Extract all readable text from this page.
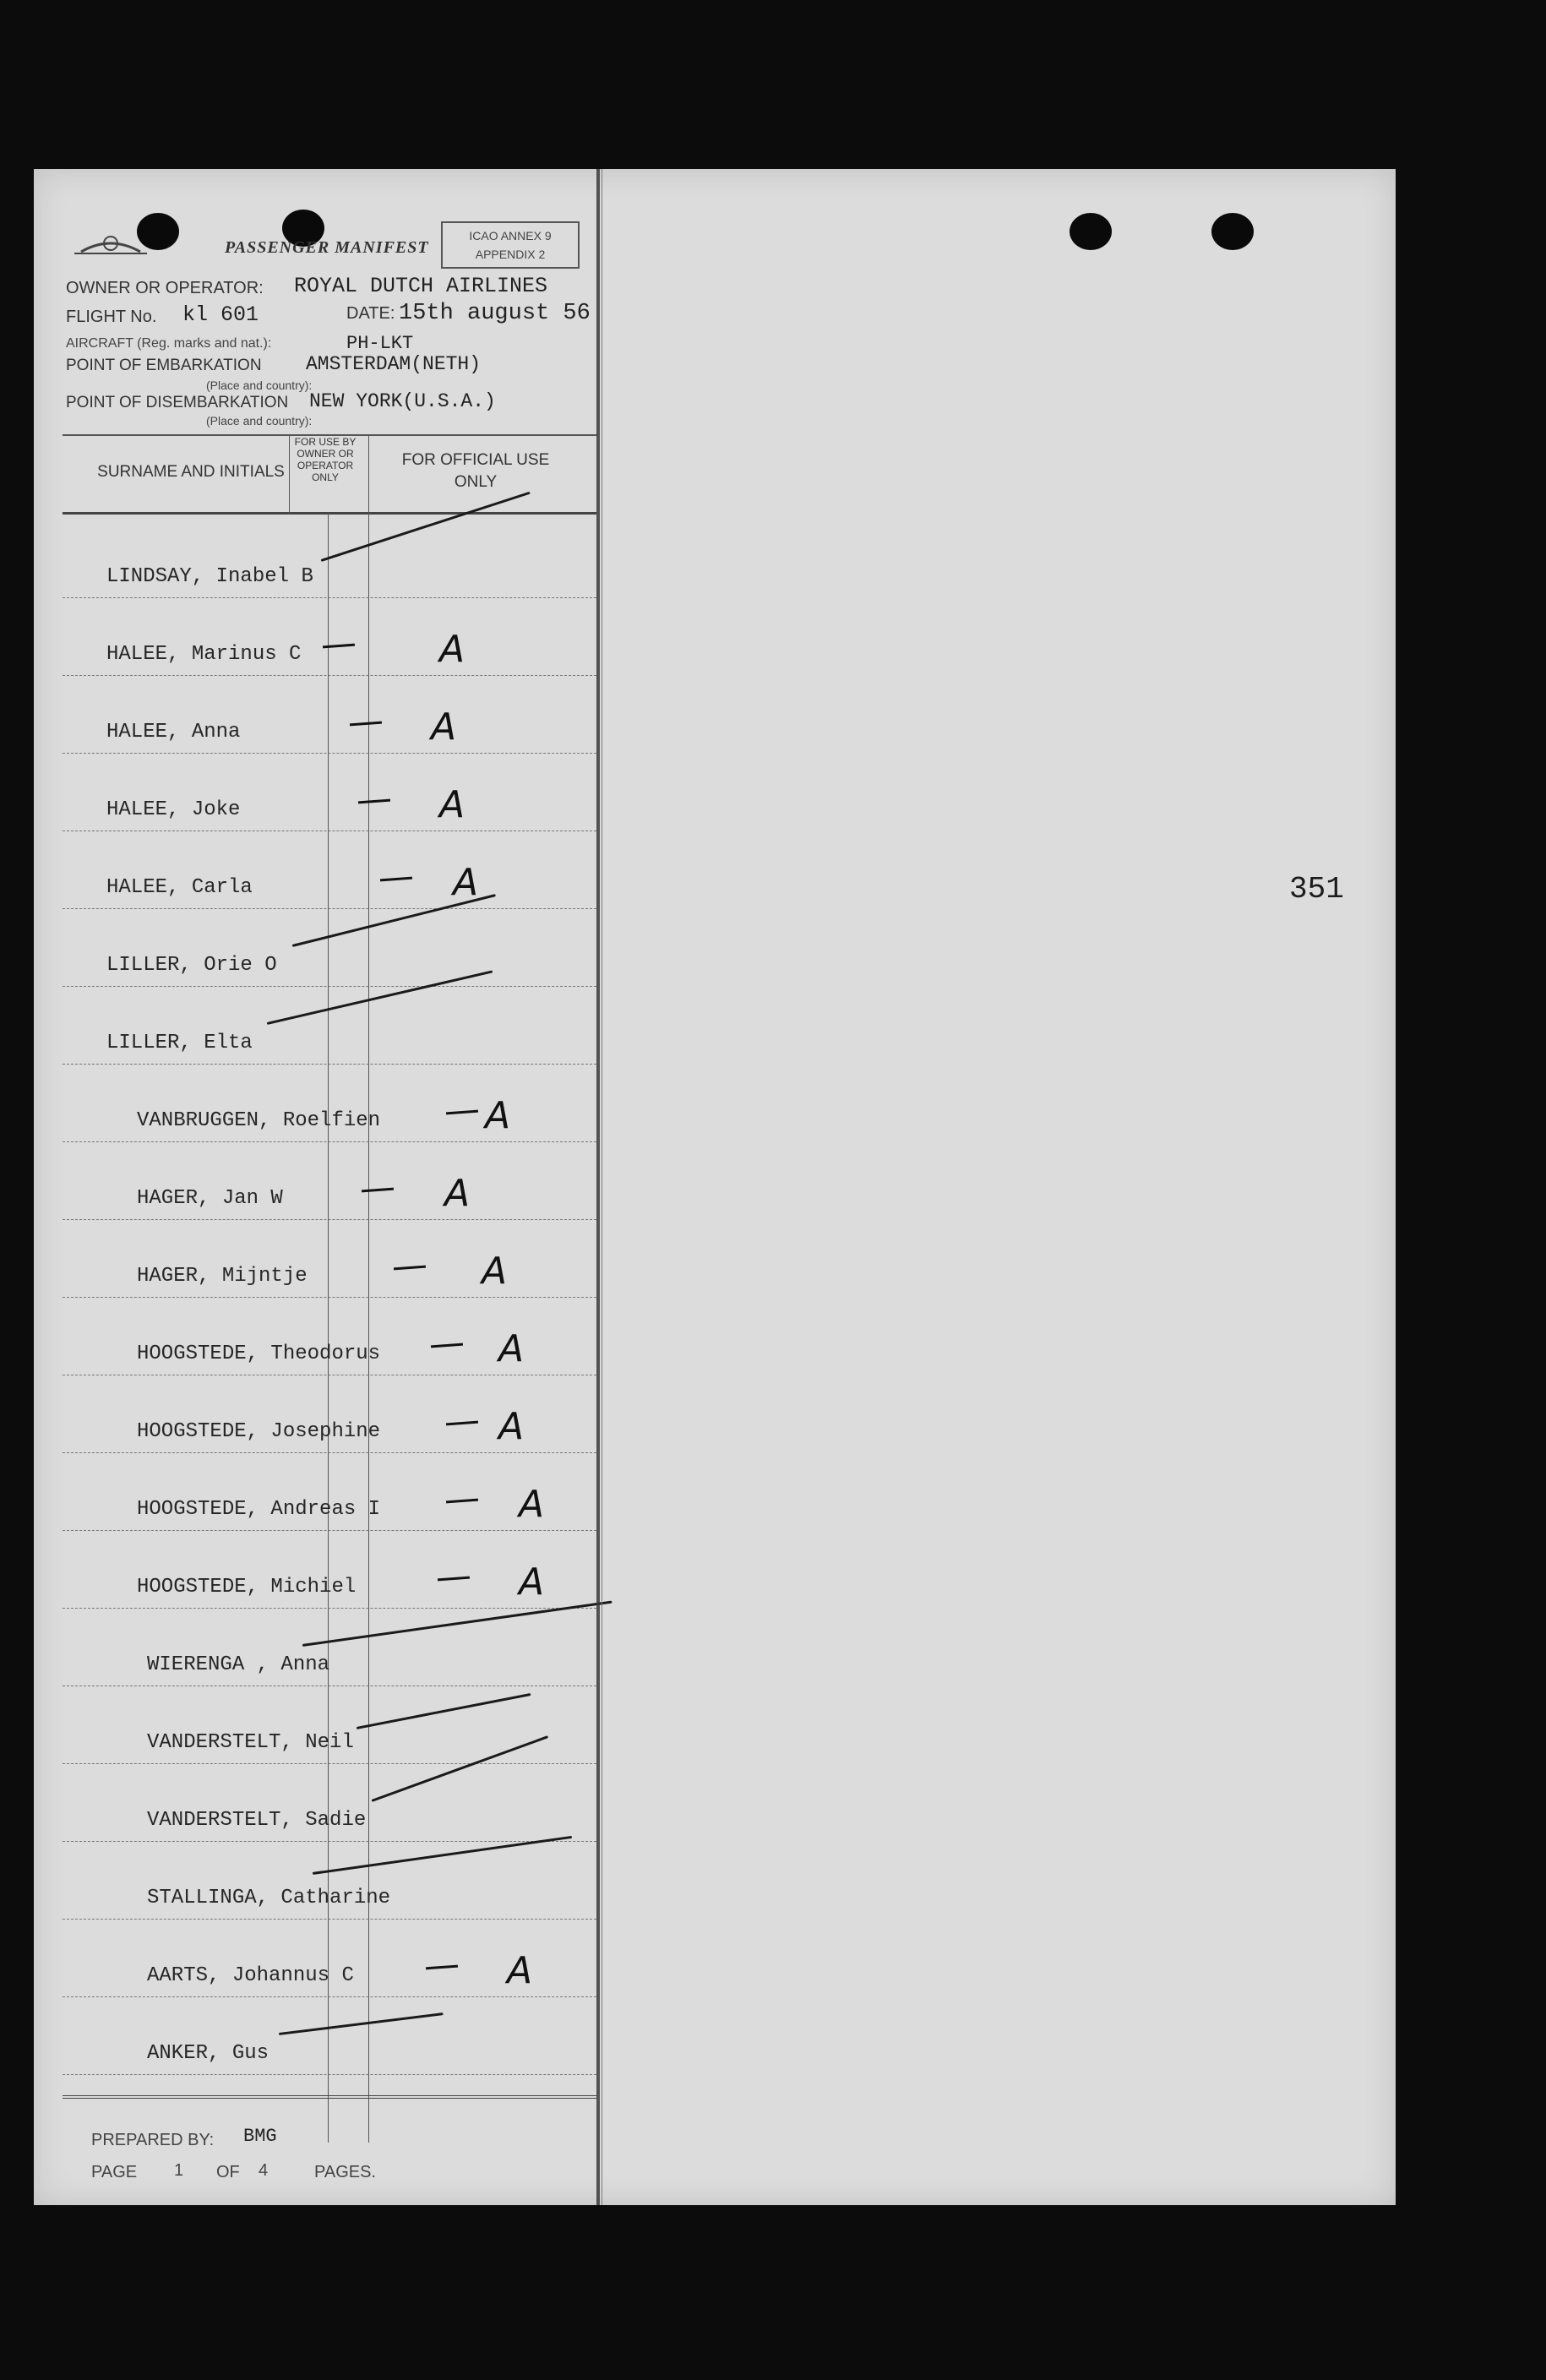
PASSENGER MANIFEST
ICAO ANNEX 9
APPENDIX 2
OWNER OR OPERATOR: ROYAL DUTCH AIRLINES
FLIGHT No. kl 601	DATE: 15th august 56
AIRCRAFT (Reg. marks and nat.):	PH-LKT
POINT OF EMBARKATION AMSTERDAM(NETH)
(Place and country):
POINT OF DISEMBARKATION NEW YORK(U.S.A.)
(Place and country):
SURNAME AND INITIALS
FOR USE BY OWNER OR OPERATOR ONLY
FOR OFFICIAL USE ONLY
LINDSAY, Inabel B
HALEE, Marinus C	A
HALEE, Anna	A
HALEE, Joke	A
HALEE, Carla	A
LILLER, Orie O
LILLER, Elta
VANBRUGGEN, Roelfien	A
HAGER, Jan W	A
HAGER, Mijntje	A
HOOGSTEDE, Theodorus	A
HOOGSTEDE, Josephine	A
HOOGSTEDE, Andreas I	A
HOOGSTEDE, Michiel	A
WIERENGA , Anna
VANDERSTELT, Neil
VANDERSTELT, Sadie
STALLINGA, Catharine
AARTS, Johannus C	A
ANKER, Gus
PREPARED BY: BMG
PAGE 1 OF 4	PAGES.
351
